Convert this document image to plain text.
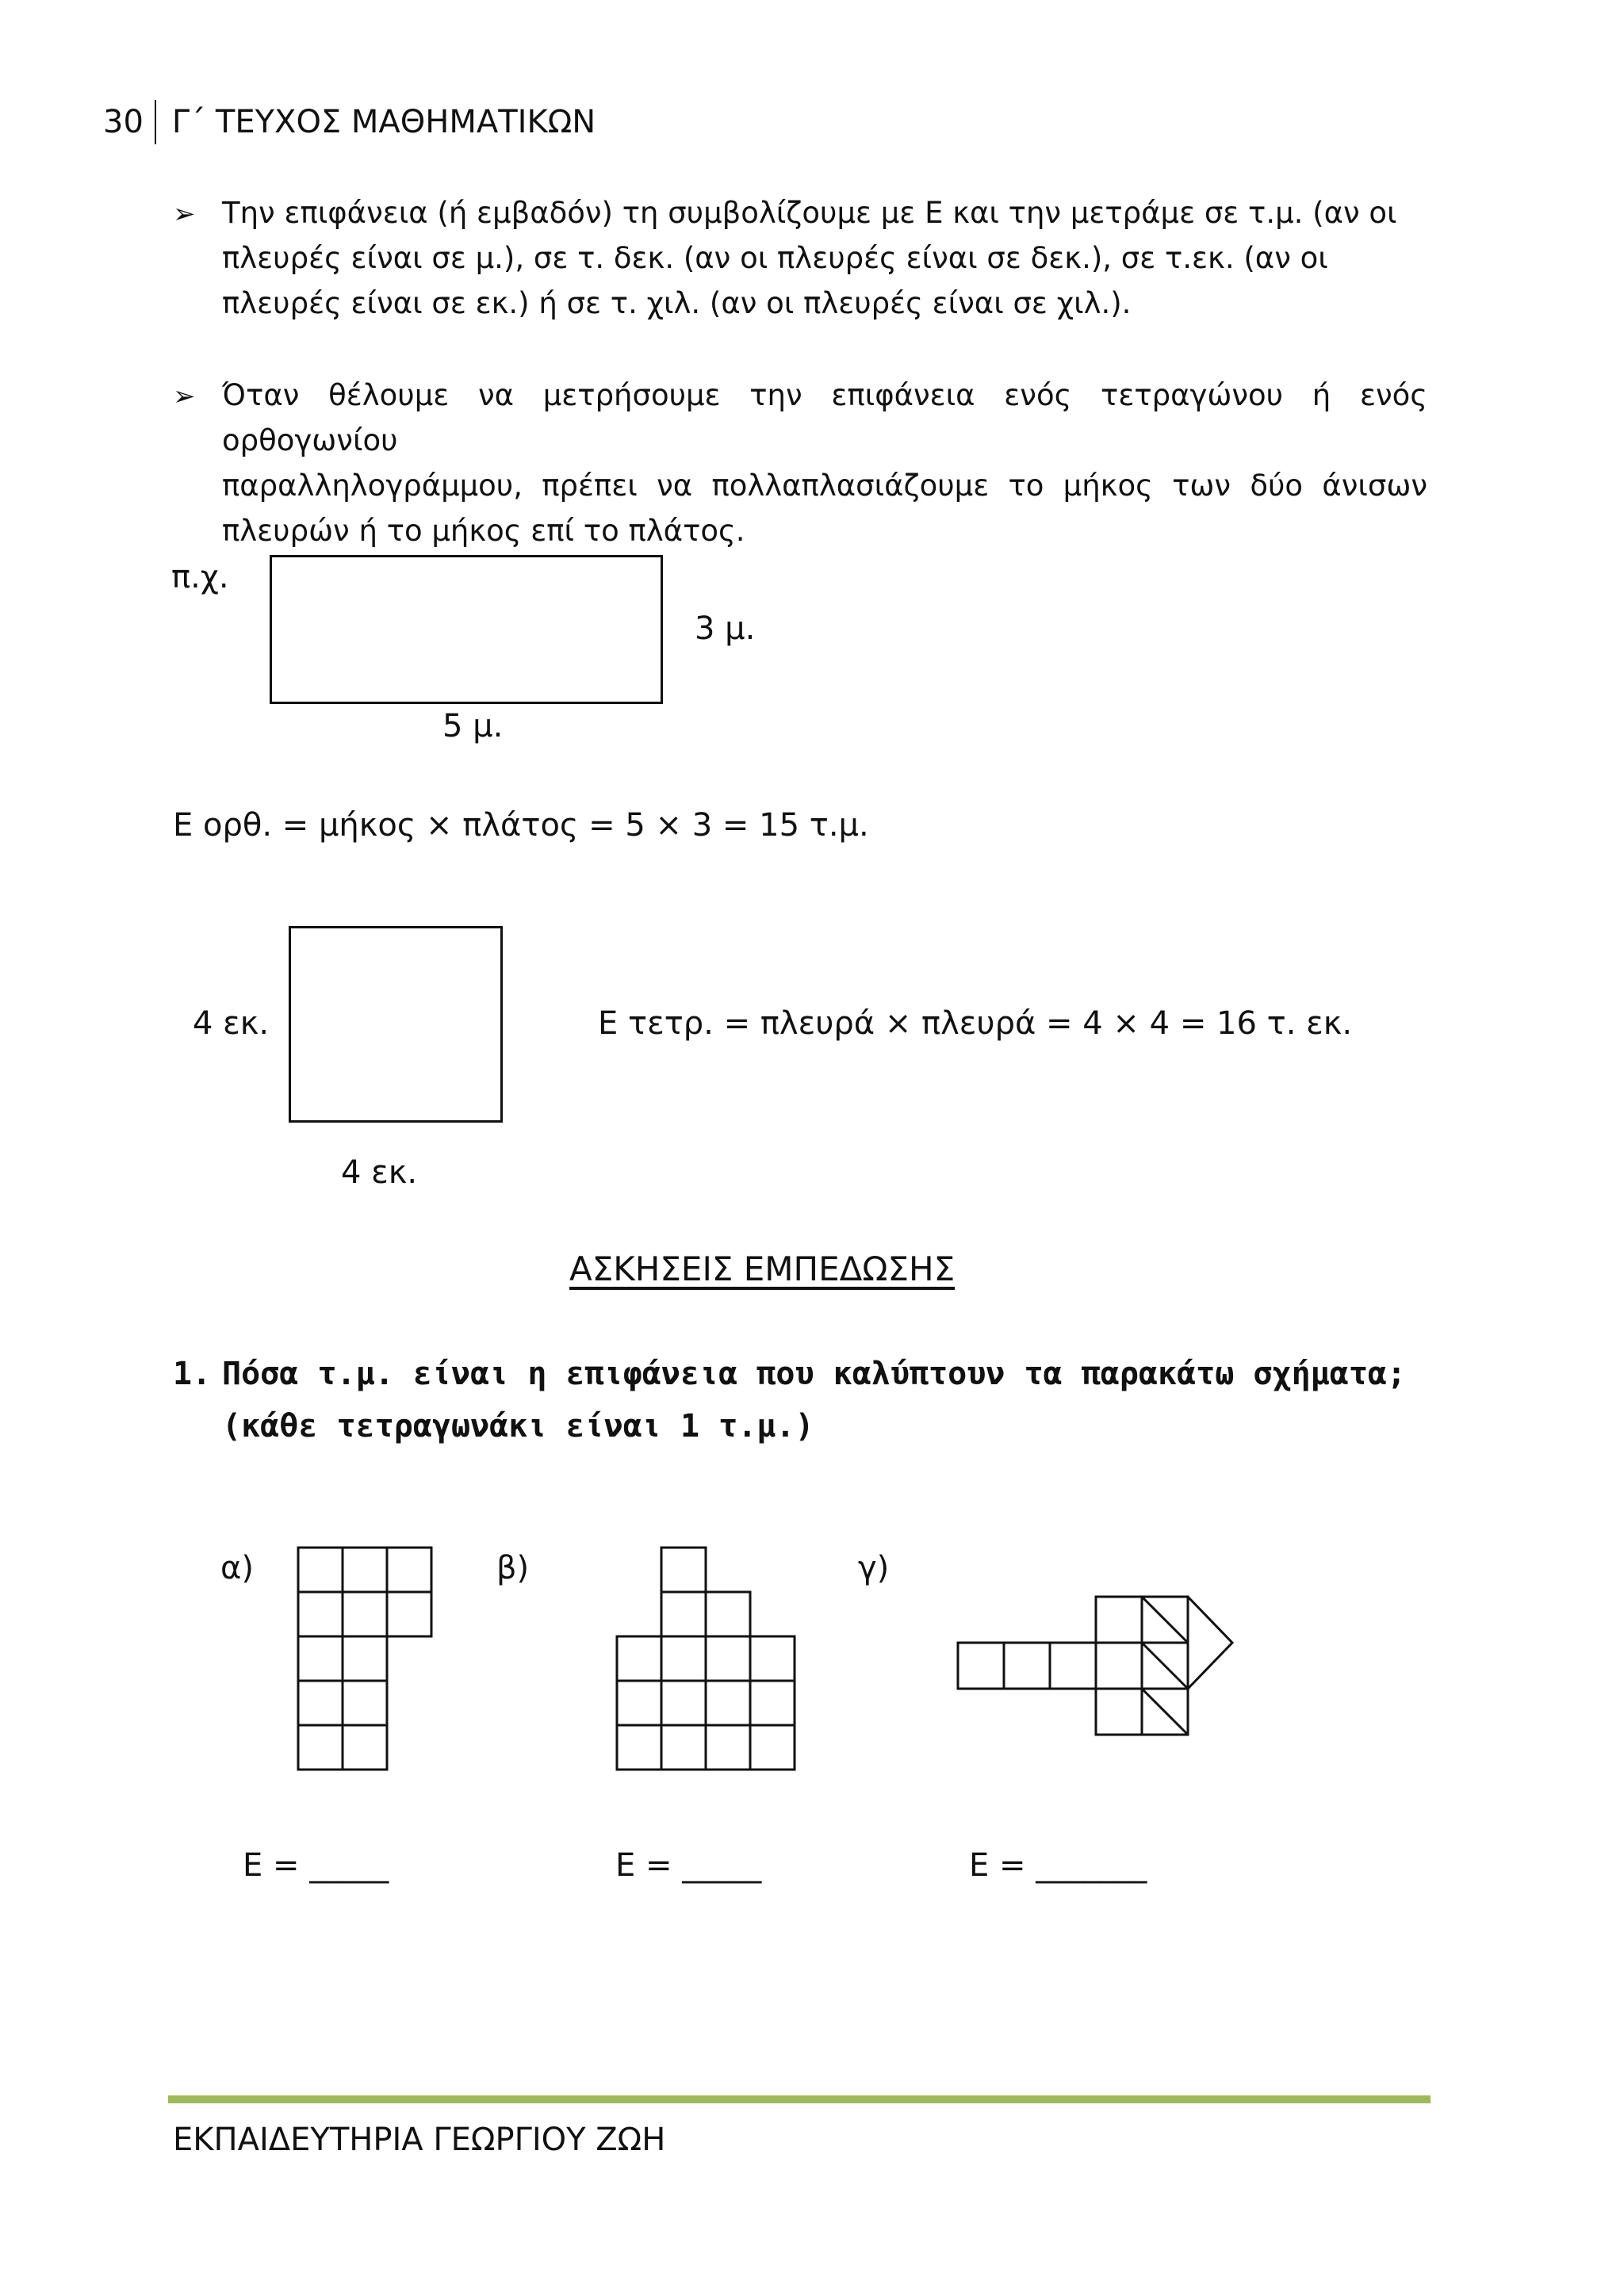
30 Γ΄ ΤΕΥΧΟΣ ΜΑΘΗΜΑΤΙΚΩΝ
➢ Την επιφάνεια (ή εμβαδόν) τη συμβολίζουμε με Ε και την μετράμε σε τ.μ. (αν οι
πλευρές είναι σε μ.), σε τ. δεκ. (αν οι πλευρές είναι σε δεκ.), σε τ.εκ. (αν οι
πλευρές είναι σε εκ.) ή σε τ. χιλ. (αν οι πλευρές είναι σε χιλ.).
➢ Όταν θέλουμε να μετρήσουμε την επιφάνεια ενός τετραγώνου ή ενός ορθογωνίου
παραλληλογράμμου, πρέπει να πολλαπλασιάζουμε το μήκος των δύο άνισων
πλευρών ή το μήκος επί το πλάτος.
π.χ.
3 μ.
5 μ.
Ε ορθ. = μήκος × πλάτος = 5 × 3 = 15 τ.μ.
4 εκ.
4 εκ.
Ε τετρ. = πλευρά × πλευρά = 4 × 4 = 16 τ. εκ.
ΑΣΚΗΣΕΙΣ ΕΜΠΕΔΩΣΗΣ
1. Πόσα τ.μ. είναι η επιφάνεια που καλύπτουν τα παρακάτω σχήματα;
(κάθε τετραγωνάκι είναι 1 τ.μ.)
α)	β)	γ)
Ε = _____	Ε = _____	Ε = _______
ΕΚΠΑΙΔΕΥΤΗΡΙΑ ΓΕΩΡΓΙΟΥ ΖΩΗ
